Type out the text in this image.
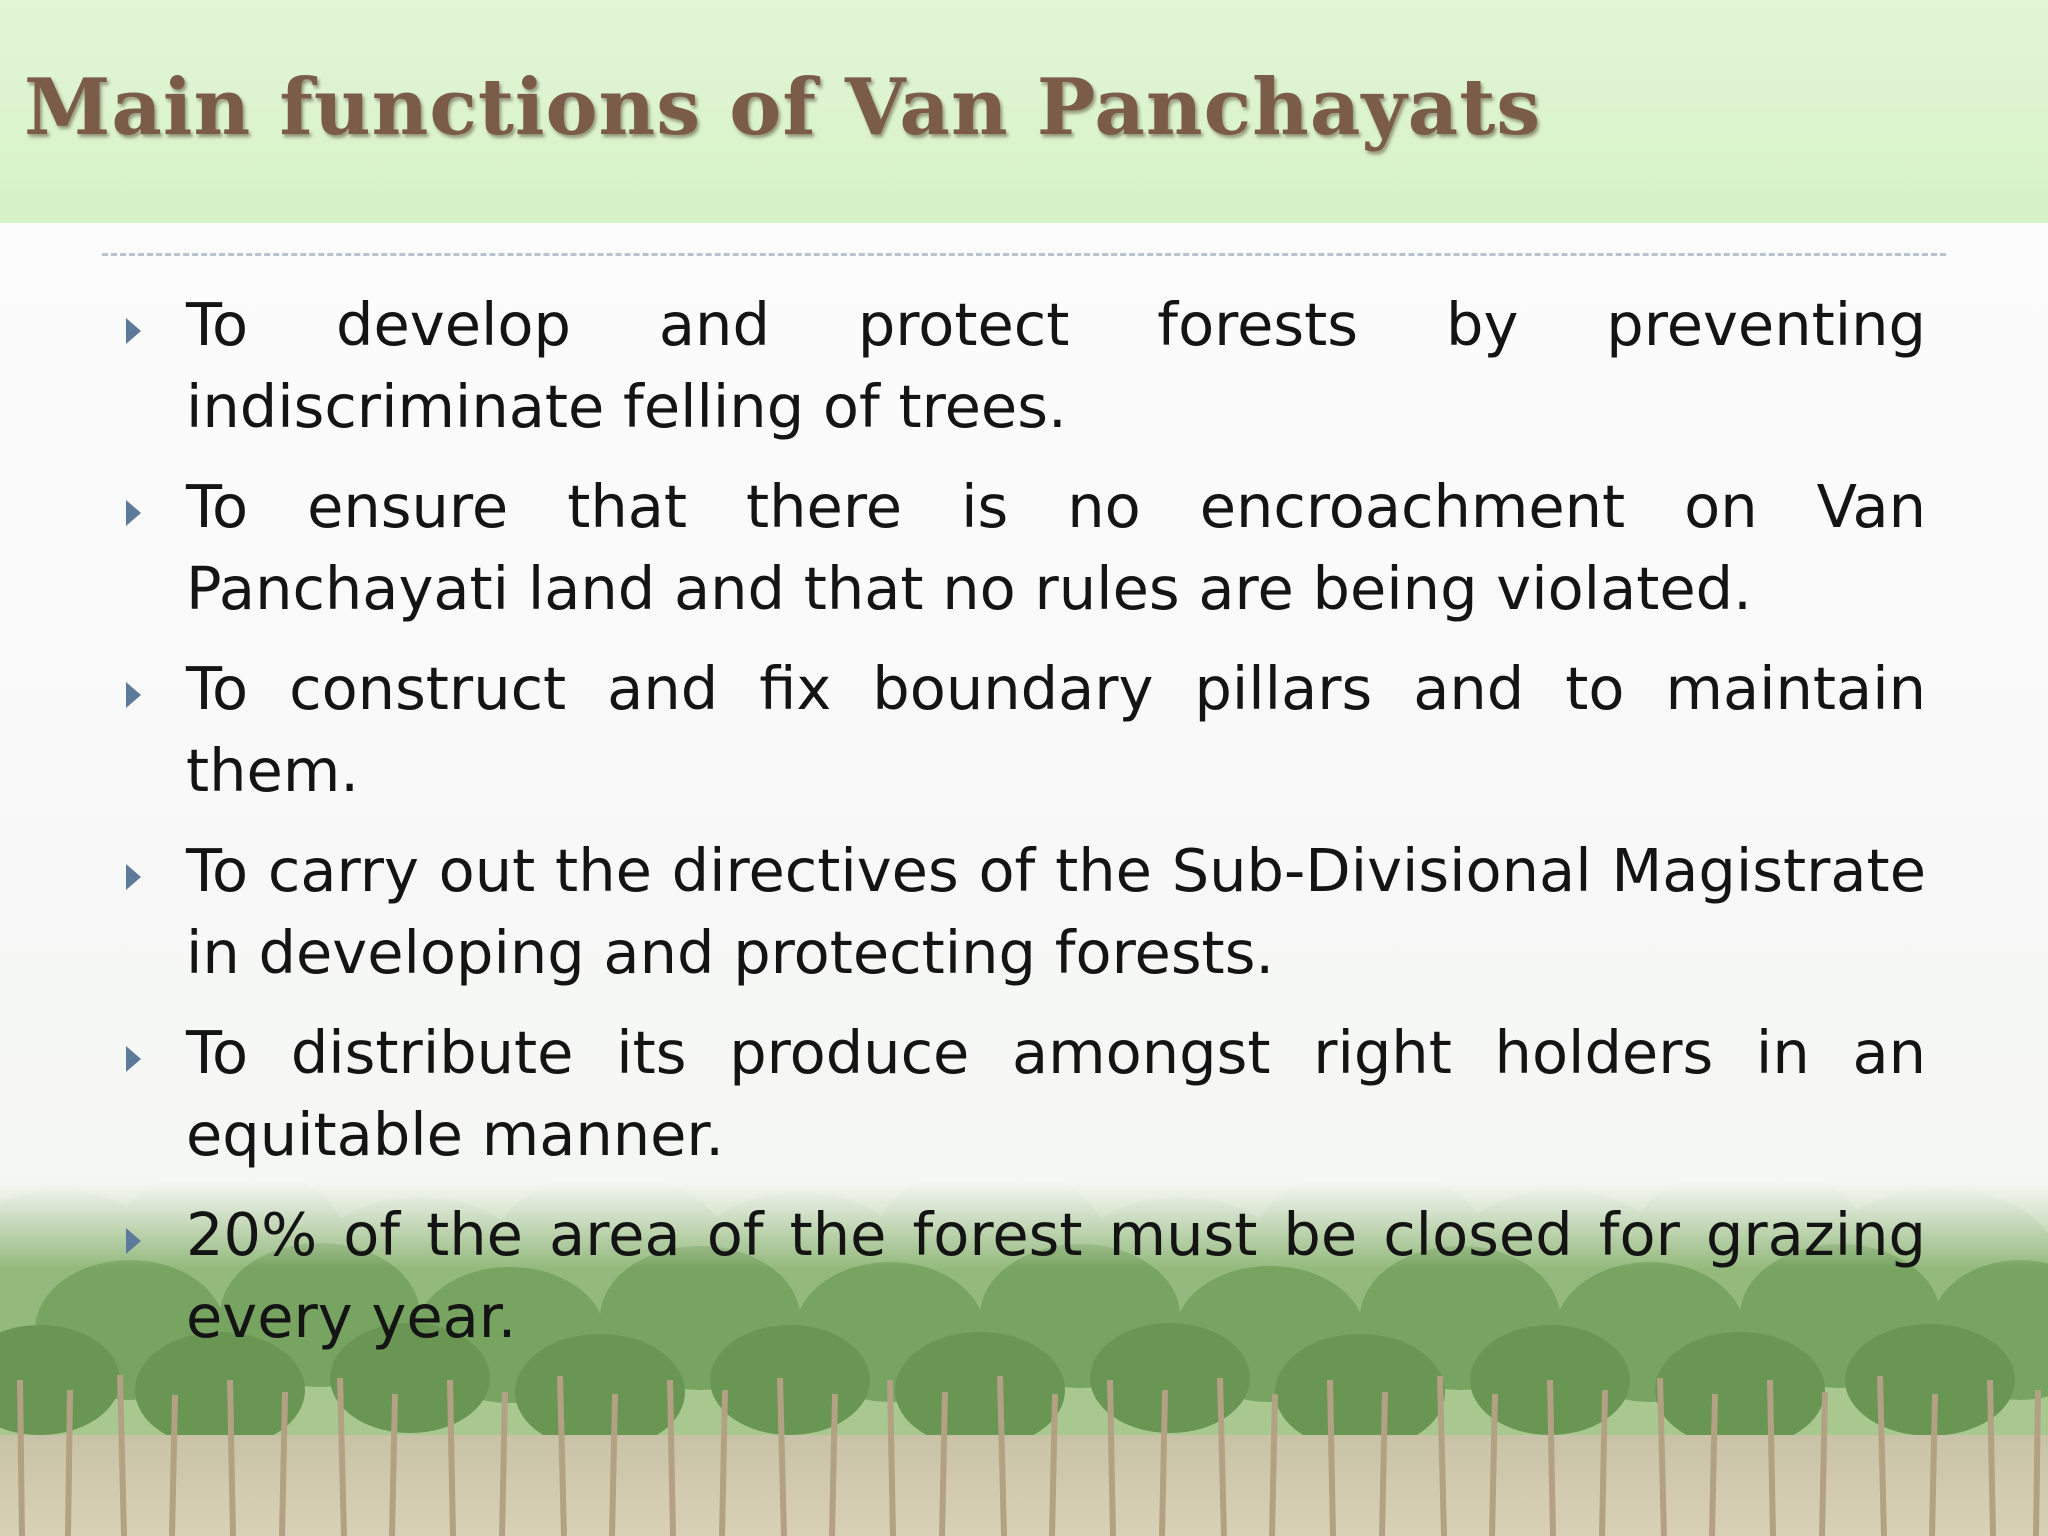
Main functions of Van Panchayats
To develop and protect forests by preventing indiscriminate felling of trees.
To ensure that there is no encroachment on Van Panchayati land and that no rules are being violated.
To construct and fix boundary pillars and to maintain them.
To carry out the directives of the Sub-Divisional Magistrate in developing and protecting forests.
To distribute its produce amongst right holders in an equitable manner.
20% of the area of the forest must be closed for grazing every year.
